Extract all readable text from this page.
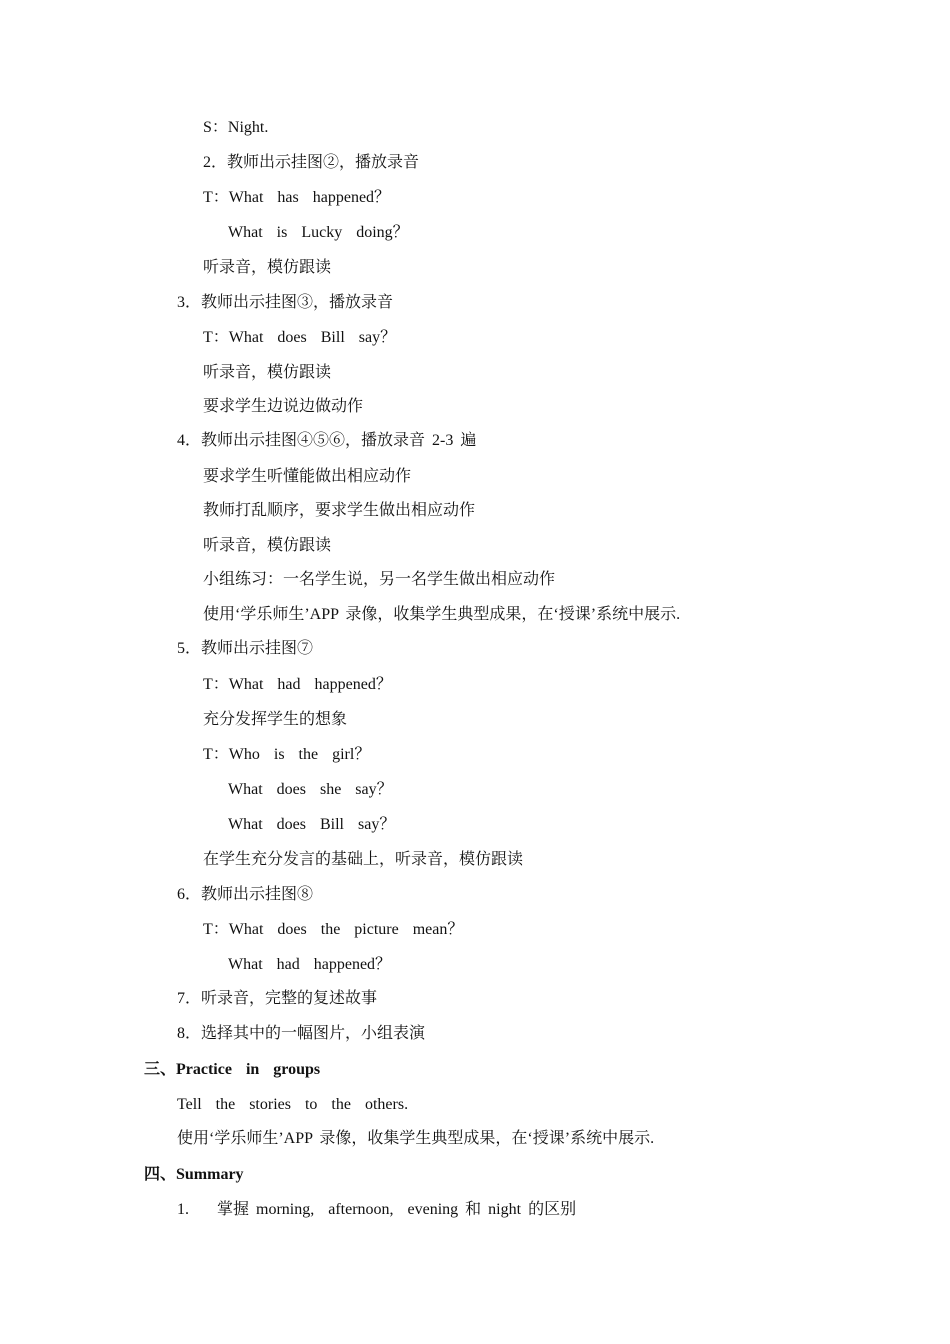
S：Night.
2．教师出示挂图②，播放录音
T：What  has  happened？
What  is  Lucky  doing？
听录音，模仿跟读
3．教师出示挂图③，播放录音
T：What  does  Bill  say？
听录音，模仿跟读
要求学生边说边做动作
4．教师出示挂图④⑤⑥，播放录音 2-3 遍
要求学生听懂能做出相应动作
教师打乱顺序，要求学生做出相应动作
听录音，模仿跟读
小组练习：一名学生说，另一名学生做出相应动作
使用‘学乐师生’APP 录像，收集学生典型成果，在‘授课’系统中展示.
5．教师出示挂图⑦
T：What  had  happened？
充分发挥学生的想象
T：Who  is  the  girl？
What  does  she  say？
What  does  Bill  say？
在学生充分发言的基础上，听录音，模仿跟读
6．教师出示挂图⑧
T：What  does  the  picture  mean？
What  had  happened？
7．听录音，完整的复述故事
8．选择其中的一幅图片，小组表演
三、Practice  in  groups
Tell  the  stories  to  the  others.
使用‘学乐师生’APP 录像，收集学生典型成果，在‘授课’系统中展示.
四、Summary
1.    掌握 morning,  afternoon,  evening 和 night 的区别
